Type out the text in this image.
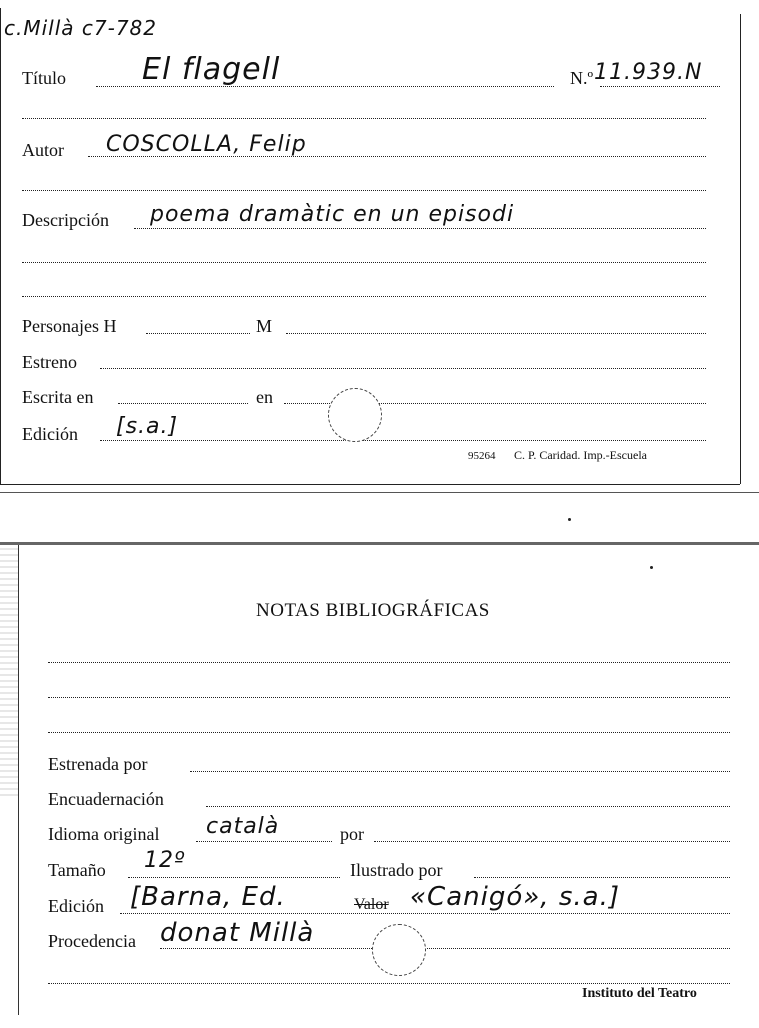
c.Millà c7-782
Título	El flagell	N.º 11.939.N
Autor COSCOLLA, Felip
Descripción poema dramàtic en un episodi
Personajes H	M
Estreno
Escrita en	en
Edición [s.a.]
95264 C. P. Caridad. Imp.-Escuela
NOTAS BIBLIOGRÁFICAS
Estrenada por
Encuadernación
Idioma original català	por
Tamaño 12º	Ilustrado por
Edición [Barna, Ed.	Valor «Canigó», s.a.]
Procedencia donat Millà
Instituto del Teatro
